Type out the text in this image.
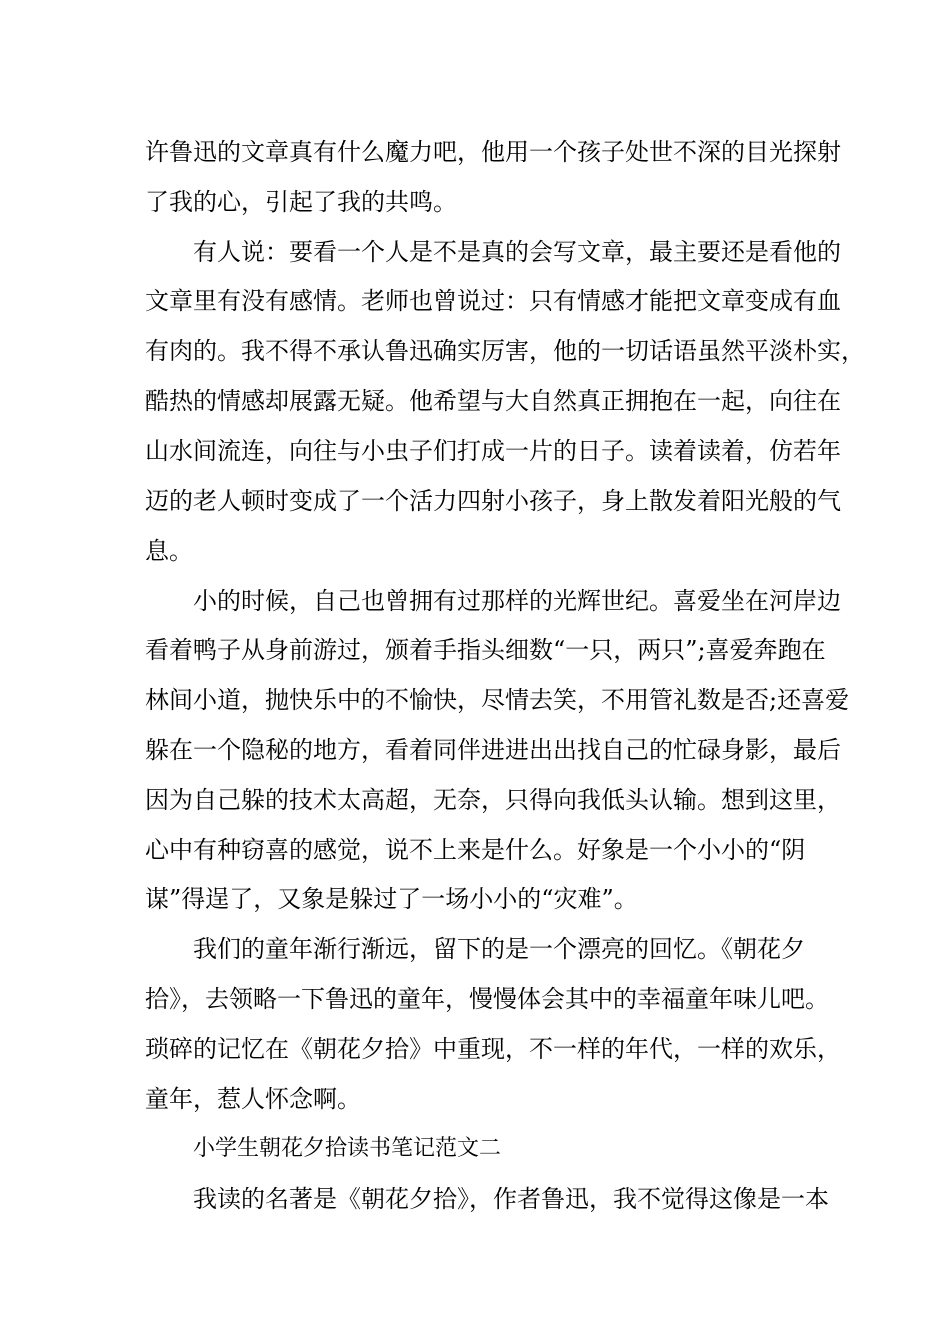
许鲁迅的文章真有什么魔力吧，他用一个孩子处世不深的目光探射
了我的心，引起了我的共鸣。
有人说：要看一个人是不是真的会写文章，最主要还是看他的
文章里有没有感情。老师也曾说过：只有情感才能把文章变成有血
有肉的。我不得不承认鲁迅确实厉害，他的一切话语虽然平淡朴实，
酷热的情感却展露无疑。他希望与大自然真正拥抱在一起，向往在
山水间流连，向往与小虫子们打成一片的日子。读着读着，仿若年
迈的老人顿时变成了一个活力四射小孩子，身上散发着阳光般的气
息。
小的时候，自己也曾拥有过那样的光辉世纪。喜爱坐在河岸边
看着鸭子从身前游过，颁着手指头细数“一只，两只”;喜爱奔跑在
林间小道，抛快乐中的不愉快，尽情去笑，不用管礼数是否;还喜爱
躲在一个隐秘的地方，看着同伴进进出出找自己的忙碌身影，最后
因为自己躲的技术太高超，无奈，只得向我低头认输。想到这里，
心中有种窃喜的感觉，说不上来是什么。好象是一个小小的“阴
谋”得逞了，又象是躲过了一场小小的“灾难”。
我们的童年渐行渐远，留下的是一个漂亮的回忆。《朝花夕
拾》，去领略一下鲁迅的童年，慢慢体会其中的幸福童年味儿吧。
琐碎的记忆在《朝花夕拾》中重现，不一样的年代，一样的欢乐，
童年，惹人怀念啊。
小学生朝花夕拾读书笔记范文二
我读的名著是《朝花夕拾》，作者鲁迅，我不觉得这像是一本
